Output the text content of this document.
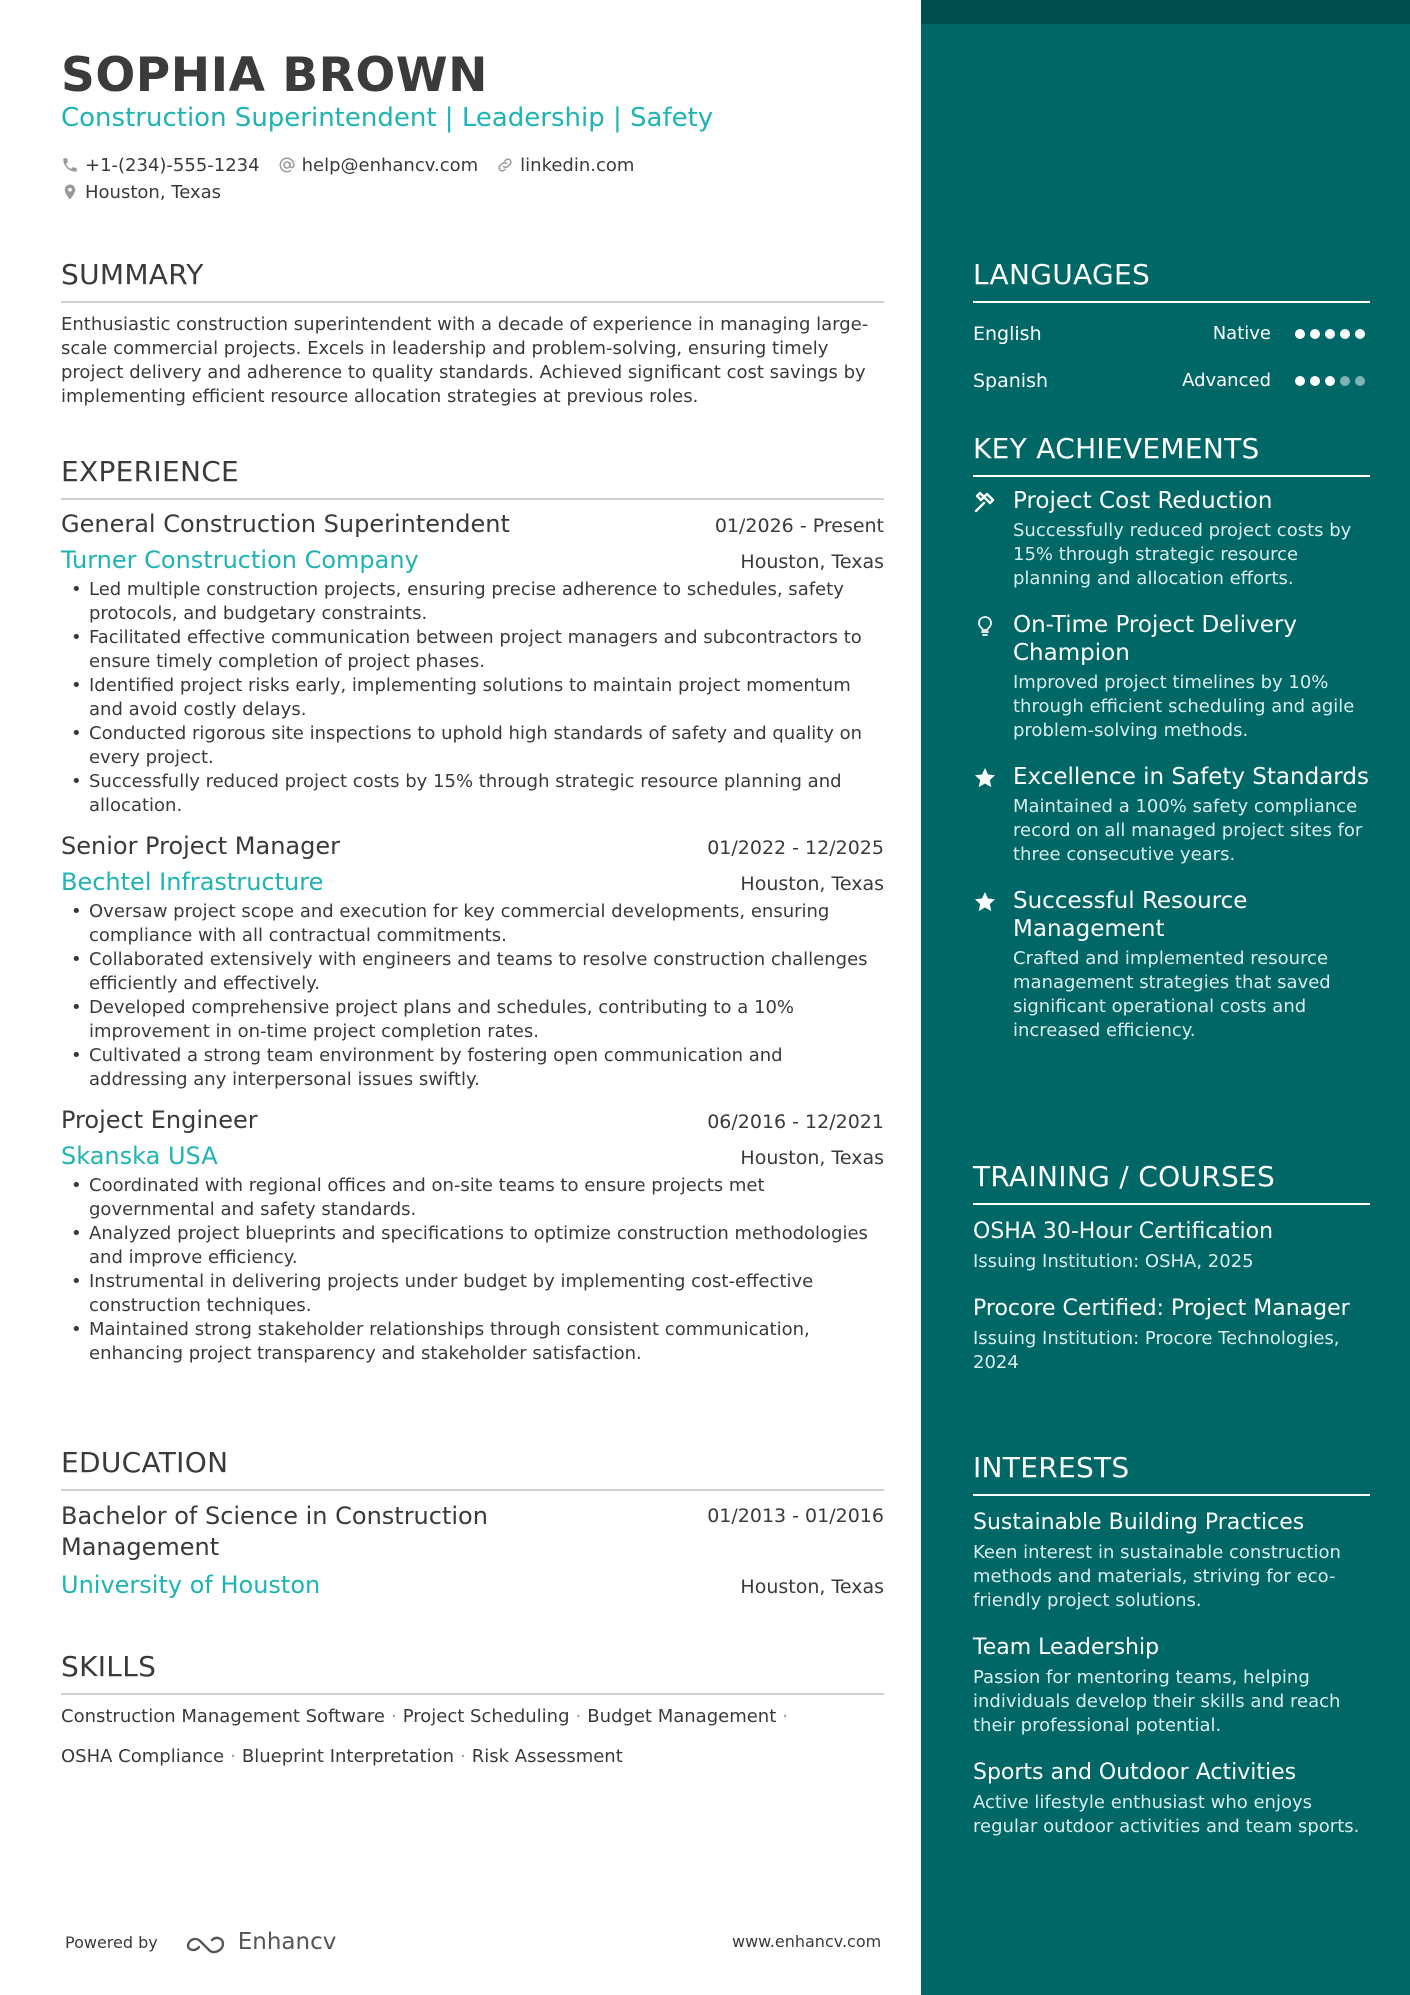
SOPHIA BROWN
Construction Superintendent | Leadership | Safety
+1-(234)-555-1234 help@enhancv.com linkedin.com
Houston, Texas
SUMMARY
Enthusiastic construction superintendent with a decade of experience in managing large-scale commercial projects. Excels in leadership and problem-solving, ensuring timely project delivery and adherence to quality standards. Achieved significant cost savings by implementing efficient resource allocation strategies at previous roles.
EXPERIENCE
General Construction Superintendent	01/2026 - Present
Turner Construction Company	Houston, Texas
• Led multiple construction projects, ensuring precise adherence to schedules, safety protocols, and budgetary constraints.
• Facilitated effective communication between project managers and subcontractors to ensure timely completion of project phases.
• Identified project risks early, implementing solutions to maintain project momentum and avoid costly delays.
• Conducted rigorous site inspections to uphold high standards of safety and quality on every project.
• Successfully reduced project costs by 15% through strategic resource planning and allocation.
Senior Project Manager	01/2022 - 12/2025
Bechtel Infrastructure	Houston, Texas
• Oversaw project scope and execution for key commercial developments, ensuring compliance with all contractual commitments.
• Collaborated extensively with engineers and teams to resolve construction challenges efficiently and effectively.
• Developed comprehensive project plans and schedules, contributing to a 10% improvement in on-time project completion rates.
• Cultivated a strong team environment by fostering open communication and addressing any interpersonal issues swiftly.
Project Engineer	06/2016 - 12/2021
Skanska USA	Houston, Texas
• Coordinated with regional offices and on-site teams to ensure projects met governmental and safety standards.
• Analyzed project blueprints and specifications to optimize construction methodologies and improve efficiency.
• Instrumental in delivering projects under budget by implementing cost-effective construction techniques.
• Maintained strong stakeholder relationships through consistent communication, enhancing project transparency and stakeholder satisfaction.
EDUCATION
Bachelor of Science in Construction Management
01/2013 - 01/2016
University of Houston	Houston, Texas
SKILLS
Construction Management Software · Project Scheduling · Budget Management ·
OSHA Compliance · Blueprint Interpretation · Risk Assessment
Powered by	Enhancv	www.enhancv.com
LANGUAGES
English	Native
Spanish	Advanced
KEY ACHIEVEMENTS
Project Cost Reduction
Successfully reduced project costs by 15% through strategic resource planning and allocation efforts.
On-Time Project Delivery Champion
Improved project timelines by 10% through efficient scheduling and agile problem-solving methods.
Excellence in Safety Standards
Maintained a 100% safety compliance record on all managed project sites for three consecutive years.
Successful Resource Management
Crafted and implemented resource management strategies that saved significant operational costs and increased efficiency.
TRAINING / COURSES
OSHA 30-Hour Certification
Issuing Institution: OSHA, 2025
Procore Certified: Project Manager
Issuing Institution: Procore Technologies, 2024
INTERESTS
Sustainable Building Practices
Keen interest in sustainable construction methods and materials, striving for eco-friendly project solutions.
Team Leadership
Passion for mentoring teams, helping individuals develop their skills and reach their professional potential.
Sports and Outdoor Activities
Active lifestyle enthusiast who enjoys regular outdoor activities and team sports.
